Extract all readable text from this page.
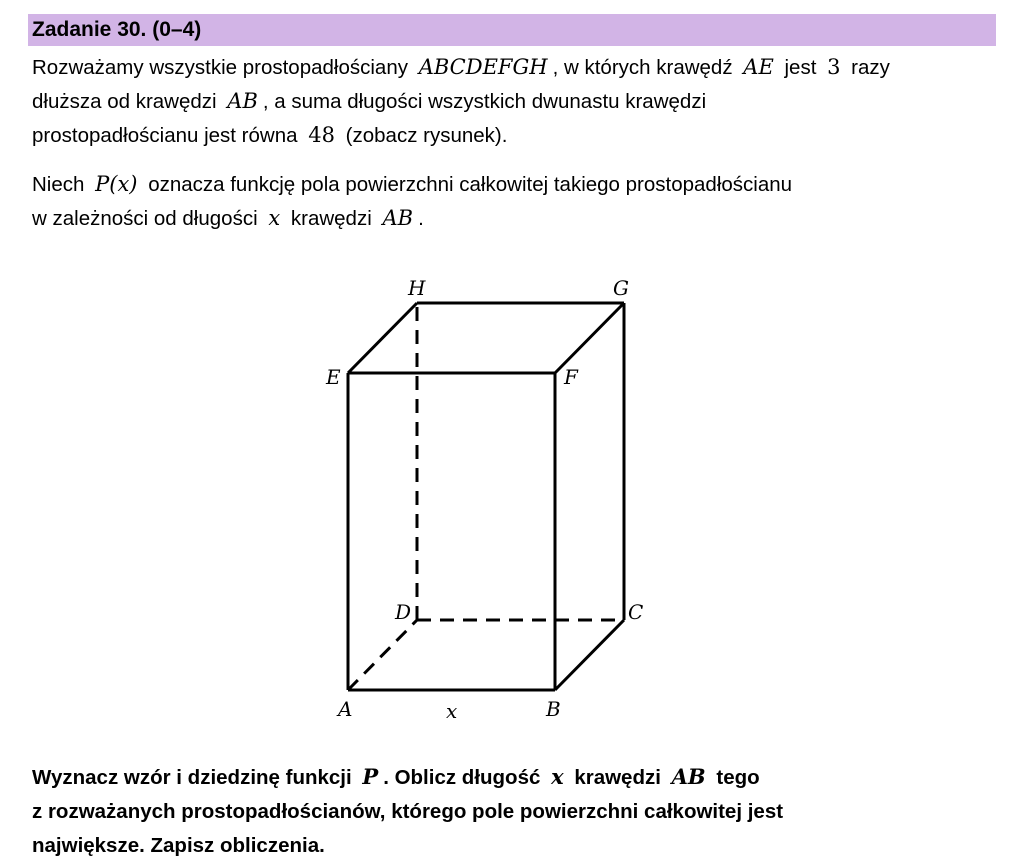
Zadanie 30. (0–4)
Rozważamy wszystkie prostopadłościany ABCDEFGH , w których krawędź AE jest 3 razy
dłuższa od krawędzi AB , a suma długości wszystkich dwunastu krawędzi
prostopadłościanu jest równa 48 (zobacz rysunek).
Niech P(x) oznacza funkcję pola powierzchni całkowitej takiego prostopadłościanu
w zależności od długości x krawędzi AB .
H	G
E	F
D	C
A	B
x
Wyznacz wzór i dziedzinę funkcji P . Oblicz długość x krawędzi AB tego
z rozważanych prostopadłościanów, którego pole powierzchni całkowitej jest
największe. Zapisz obliczenia.
